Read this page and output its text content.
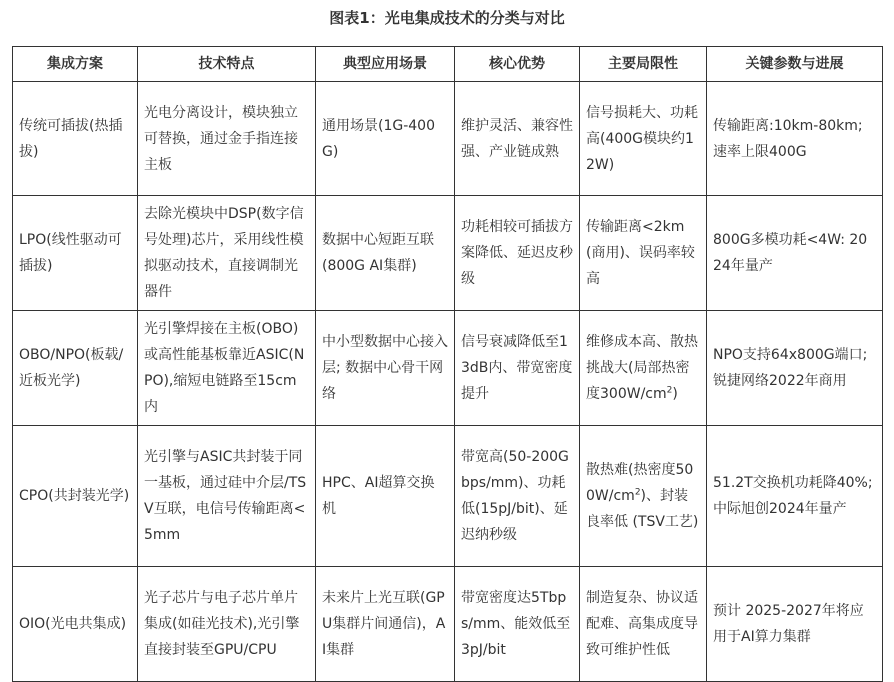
图表1：光电集成技术的分类与对比
集成方案	技术特点	典型应用场景	核心优势	主要局限性	关键参数与进展
传统可插拔(热插拔)	光电分离设计，模块独立可替换，通过金手指连接主板	通用场景(1G-400G)	维护灵活、兼容性强、产业链成熟	信号损耗大、功耗高(400G模块约12W)	传输距离:10km-80km; 速率上限400G
LPO(线性驱动可插拔)	去除光模块中DSP(数字信号处理)芯片，采用线性模拟驱动技术，直接调制光器件	数据中心短距互联(800G AI集群)	功耗相较可插拔方案降低、延迟皮秒级	传输距离<2km(商用)、误码率较高	800G多模功耗<4W: 2024年量产
OBO/NPO(板载/近板光学)	光引擎焊接在主板(OBO)或高性能基板靠近ASIC(NPO),缩短电链路至15cm内	中小型数据中心接入层; 数据中心骨干网络	信号衰减降低至13dB内、带宽密度提升	维修成本高、散热挑战大(局部热密度$300W/cm^2$)	NPO支持64x800G端口;锐捷网络2022年商用
CPO(共封装光学)	光引擎与ASIC共封装于同一基板，通过硅中介层/TSV互联，电信号传输距离<5mm	HPC、AI超算交换机	带宽高(50-200Gbps/mm)、功耗低(15pJ/bit)、延迟纳秒级	散热难(热密度$500W/cm^2$)、封装良率低 (TSV工艺)	51.2T交换机功耗降40%;中际旭创2024年量产
OIO(光电共集成)	光子芯片与电子芯片单片集成(如硅光技术),光引擎直接封装至GPU/CPU	未来片上光互联(GPU集群片间通信)，AI集群	带宽密度达5Tbps/mm、能效低至3pJ/bit	制造复杂、协议适配难、高集成度导致可维护性低	预计 2025-2027年将应用于AI算力集群
